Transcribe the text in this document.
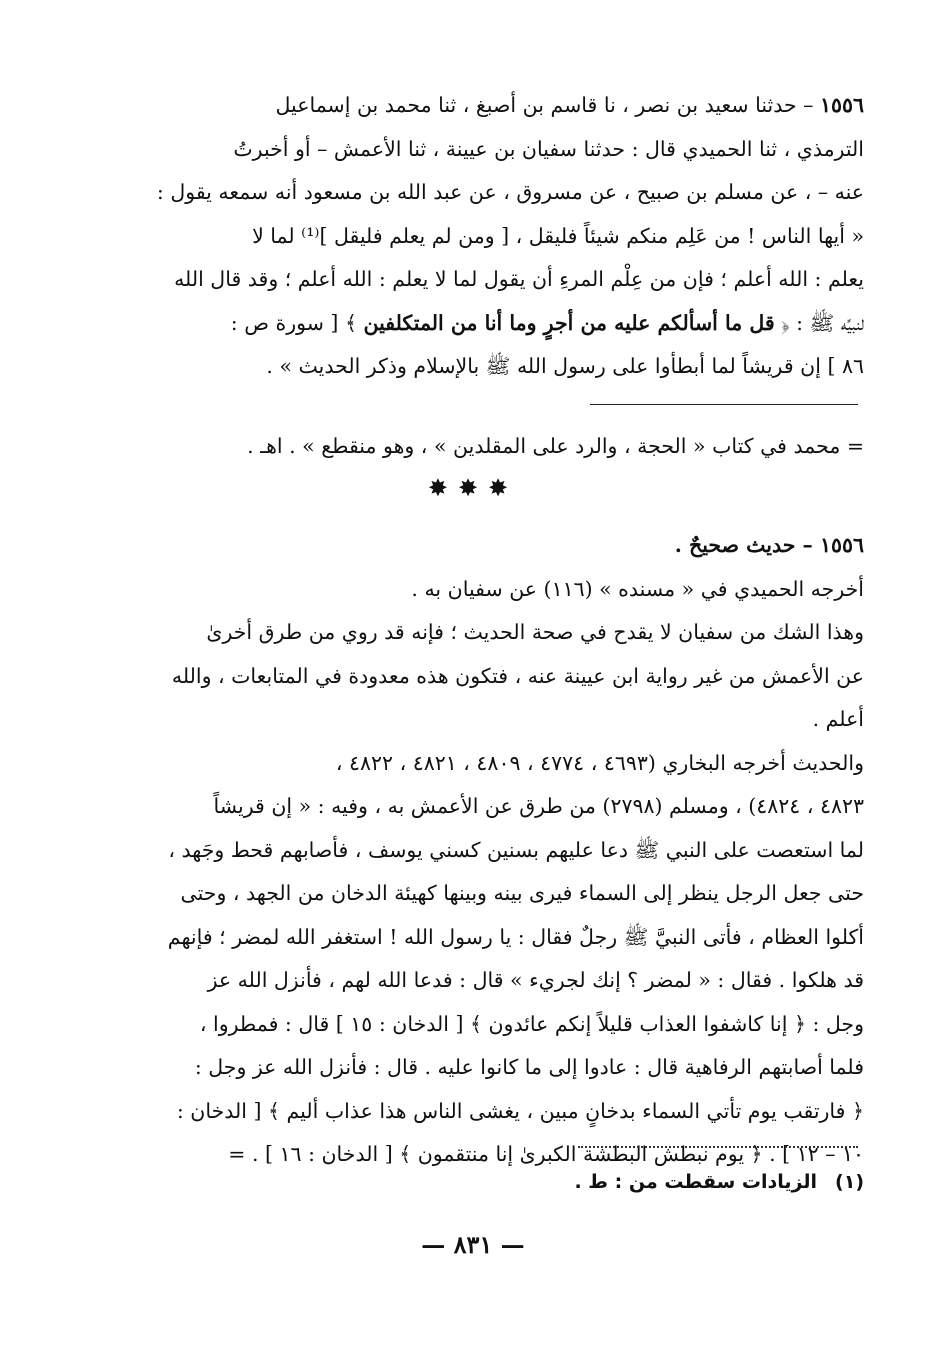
١٥٥٦ – حدثنا سعيد بن نصر ، نا قاسم بن أصبغ ، ثنا محمد بن إسماعيل
الترمذي ، ثنا الحميدي قال : حدثنا سفيان بن عيينة ، ثنا الأعمش – أو أخبرتُ
عنه – ، عن مسلم بن صبيح ، عن مسروق ، عن عبد الله بن مسعود أنه سمعه يقول :
« أيها الناس ! من عَلِم منكم شيئاً فليقل ، [ ومن لم يعلم فليقل ]⁽¹⁾ لما لا
يعلم : الله أعلم ؛ فإن من عِلْم المرءِ أن يقول لما لا يعلم : الله أعلم ؛ وقد قال الله
لنبيِّه ﷺ : ﴿ قل ما أسألكم عليه من أجرٍ وما أنا من المتكلفين ﴾ [ سورة ص :
٨٦ ] إن قريشاً لما أبطأوا على رسول الله ﷺ بالإسلام وذكر الحديث » .
= محمد في كتاب « الحجة ، والرد على المقلدين » ، وهو منقطع » . اهـ .
✸✸✸
١٥٥٦ – حديث صحيحٌ .
أخرجه الحميدي في « مسنده » (١١٦) عن سفيان به .
وهذا الشك من سفيان لا يقدح في صحة الحديث ؛ فإنه قد روي من طرق أخرىٰ
عن الأعمش من غير رواية ابن عيينة عنه ، فتكون هذه معدودة في المتابعات ، والله
أعلم .
والحديث أخرجه البخاري (٤٦٩٣ ، ٤٧٧٤ ، ٤٨٠٩ ، ٤٨٢١ ، ٤٨٢٢ ،
٤٨٢٣ ، ٤٨٢٤) ، ومسلم (٢٧٩٨) من طرق عن الأعمش به ، وفيه : « إن قريشاً
لما استعصت على النبي ﷺ دعا عليهم بسنين كسني يوسف ، فأصابهم قحط وجَهد ،
حتى جعل الرجل ينظر إلى السماء فيرى بينه وبينها كهيئة الدخان من الجهد ، وحتى
أكلوا العظام ، فأتى النبيَّ ﷺ رجلٌ فقال : يا رسول الله ! استغفر الله لمضر ؛ فإنهم
قد هلكوا . فقال : « لمضر ؟ إنك لجريء » قال : فدعا الله لهم ، فأنزل الله عز
وجل : ﴿ إنا كاشفوا العذاب قليلاً إنكم عائدون ﴾ [ الدخان : ١٥ ] قال : فمطروا ،
فلما أصابتهم الرفاهية قال : عادوا إلى ما كانوا عليه . قال : فأنزل الله عز وجل :
﴿ فارتقب يوم تأتي السماء بدخانٍ مبين ، يغشى الناس هذا عذاب أليم ﴾ [ الدخان :
١٠ – ١٢ ] . ﴿ يوم نبطش البطشة الكبرىٰ إنا منتقمون ﴾ [ الدخان : ١٦ ] . =
(١)الزيادات سقطت من : ط .
— ٨٣١ —
